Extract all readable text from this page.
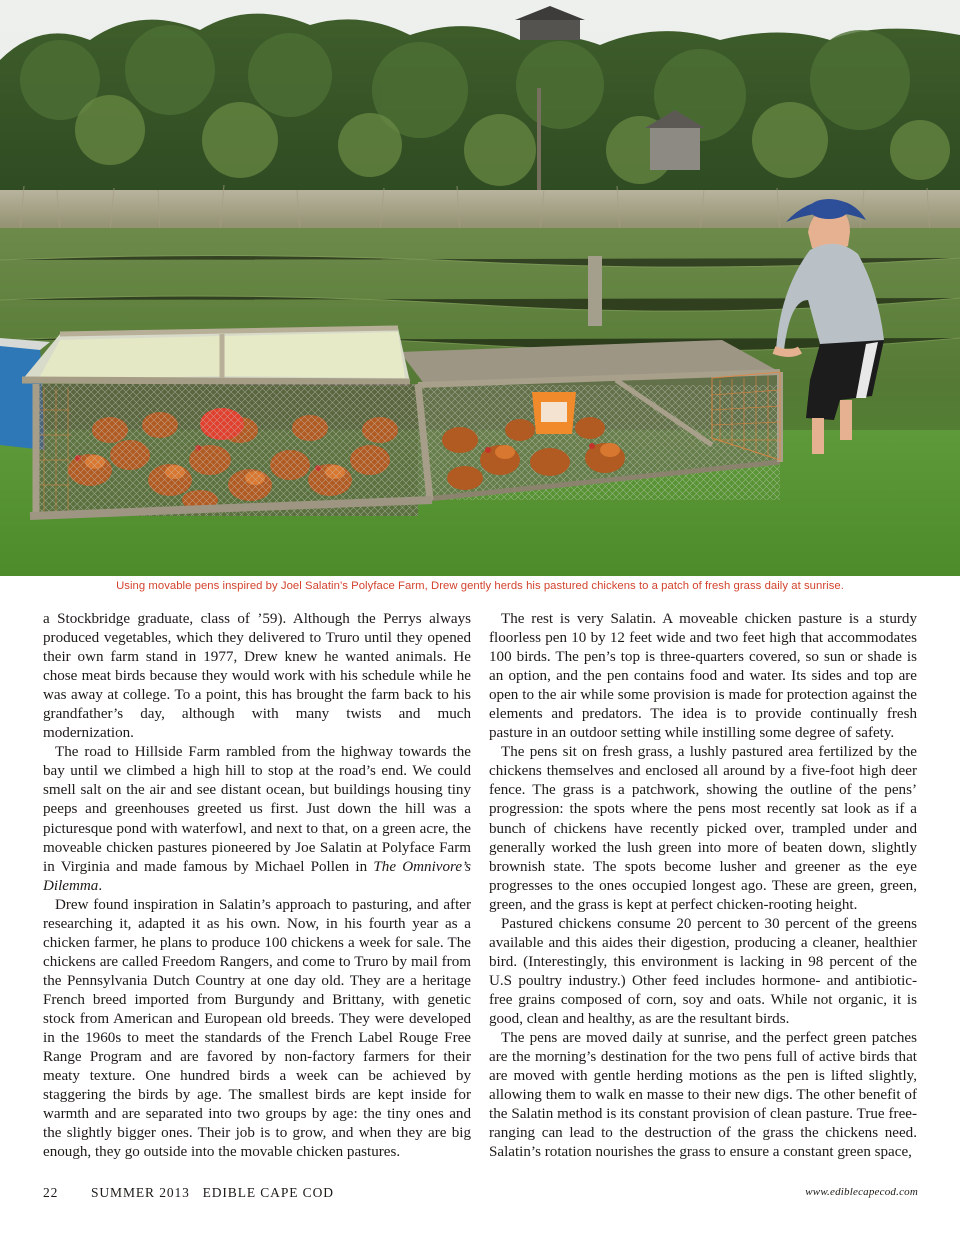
Using movable pens inspired by Joel Salatin’s Polyface Farm, Drew gently herds his pastured chickens to a patch of fresh grass daily at sunrise.

a Stockbridge graduate, class of ’59). Although the Perrys always produced vegetables, which they delivered to Truro until they opened their own farm stand in 1977, Drew knew he wanted animals. He chose meat birds because they would work with his schedule while he was away at college. To a point, this has brought the farm back to his grandfather’s day, although with many twists and much modernization.

The road to Hillside Farm rambled from the highway towards the bay until we climbed a high hill to stop at the road’s end. We could smell salt on the air and see distant ocean, but buildings housing tiny peeps and greenhouses greeted us first. Just down the hill was a picturesque pond with waterfowl, and next to that, on a green acre, the moveable chicken pastures pioneered by Joe Salatin at Polyface Farm in Virginia and made famous by Michael Pollen in The Omnivore’s Dilemma.

Drew found inspiration in Salatin’s approach to pasturing, and after researching it, adapted it as his own. Now, in his fourth year as a chicken farmer, he plans to produce 100 chickens a week for sale. The chickens are called Freedom Rangers, and come to Truro by mail from the Pennsylvania Dutch Country at one day old. They are a heritage French breed imported from Burgundy and Brittany, with genetic stock from American and European old breeds. They were developed in the 1960s to meet the standards of the French Label Rouge Free Range Program and are favored by non-factory farmers for their meaty texture. One hundred birds a week can be achieved by staggering the birds by age. The smallest birds are kept inside for warmth and are separated into two groups by age: the tiny ones and the slightly bigger ones. Their job is to grow, and when they are big enough, they go outside into the movable chicken pastures.

The rest is very Salatin. A moveable chicken pasture is a sturdy floorless pen 10 by 12 feet wide and two feet high that accommodates 100 birds. The pen’s top is three-quarters covered, so sun or shade is an option, and the pen contains food and water. Its sides and top are open to the air while some provision is made for protection against the elements and predators. The idea is to provide continually fresh pasture in an outdoor setting while instilling some degree of safety.

The pens sit on fresh grass, a lushly pastured area fertilized by the chickens themselves and enclosed all around by a five-foot high deer fence. The grass is a patchwork, showing the outline of the pens’ progression: the spots where the pens most recently sat look as if a bunch of chickens have recently picked over, trampled under and generally worked the lush green into more of beaten down, slightly brownish state. The spots become lusher and greener as the eye progresses to the ones occupied longest ago. These are green, green, green, and the grass is kept at perfect chicken-rooting height.

Pastured chickens consume 20 percent to 30 percent of the greens available and this aides their digestion, producing a cleaner, healthier bird. (Interestingly, this environment is lacking in 98 percent of the U.S poultry industry.) Other feed includes hormone- and antibiotic-free grains composed of corn, soy and oats. While not organic, it is good, clean and healthy, as are the resultant birds.

The pens are moved daily at sunrise, and the perfect green patches are the morning’s destination for the two pens full of active birds that are moved with gentle herding motions as the pen is lifted slightly, allowing them to walk en masse to their new digs. The other benefit of the Salatin method is its constant provision of clean pasture. True free-ranging can lead to the destruction of the grass the chickens need. Salatin’s rotation nourishes the grass to ensure a constant green space,

22 SUMMER 2013   EDIBLE CAPE COD	www.ediblecapecod.com
